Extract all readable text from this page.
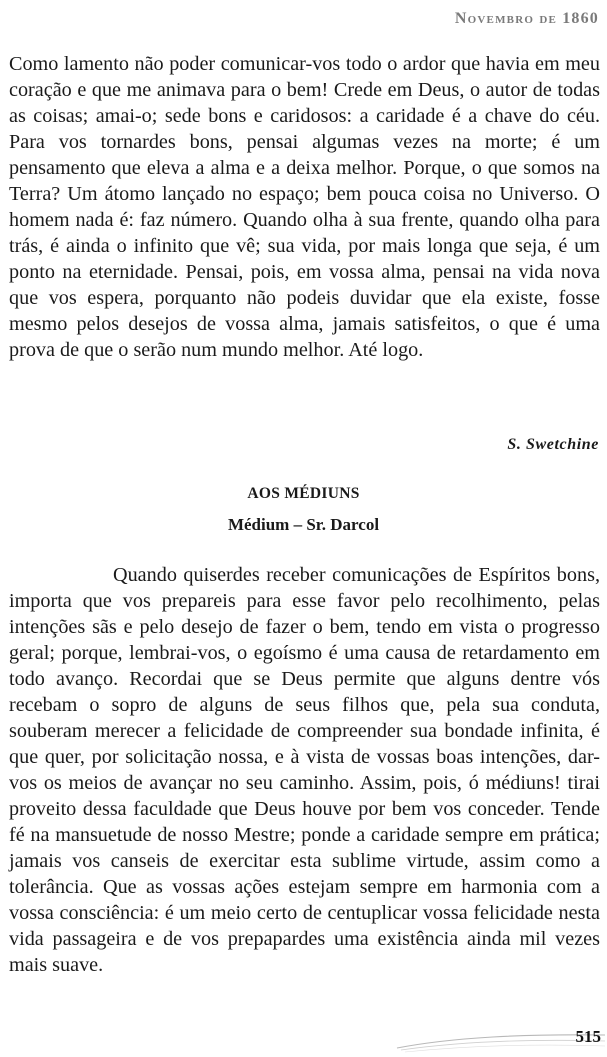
Novembro de 1860

Como lamento não poder comunicar-vos todo o ardor que havia em meu coração e que me animava para o bem! Crede em Deus, o autor de todas as coisas; amai-o; sede bons e caridosos: a caridade é a chave do céu. Para vos tornardes bons, pensai algumas vezes na morte; é um pensamento que eleva a alma e a deixa melhor. Porque, o que somos na Terra? Um átomo lançado no espaço; bem pouca coisa no Universo. O homem nada é: faz número. Quando olha à sua frente, quando olha para trás, é ainda o infinito que vê; sua vida, por mais longa que seja, é um ponto na eternidade. Pensai, pois, em vossa alma, pensai na vida nova que vos espera, porquanto não podeis duvidar que ela existe, fosse mesmo pelos desejos de vossa alma, jamais satisfeitos, o que é uma prova de que o serão num mundo melhor. Até logo.

S. Swetchine
AOS MÉDIUNS
Médium – Sr. Darcol

Quando quiserdes receber comunicações de Espíritos bons, importa que vos prepareis para esse favor pelo recolhimento, pelas intenções sãs e pelo desejo de fazer o bem, tendo em vista o progresso geral; porque, lembrai-vos, o egoísmo é uma causa de retardamento em todo avanço. Recordai que se Deus permite que alguns dentre vós recebam o sopro de alguns de seus filhos que, pela sua conduta, souberam merecer a felicidade de compreender sua bondade infinita, é que quer, por solicitação nossa, e à vista de vossas boas intenções, dar-vos os meios de avançar no seu caminho. Assim, pois, ó médiuns! tirai proveito dessa faculdade que Deus houve por bem vos conceder. Tende fé na mansuetude de nosso Mestre; ponde a caridade sempre em prática; jamais vos canseis de exercitar esta sublime virtude, assim como a tolerância. Que as vossas ações estejam sempre em harmonia com a vossa consciência: é um meio certo de centuplicar vossa felicidade nesta vida passageira e de vos prepapardes uma existência ainda mil vezes mais suave.

515
